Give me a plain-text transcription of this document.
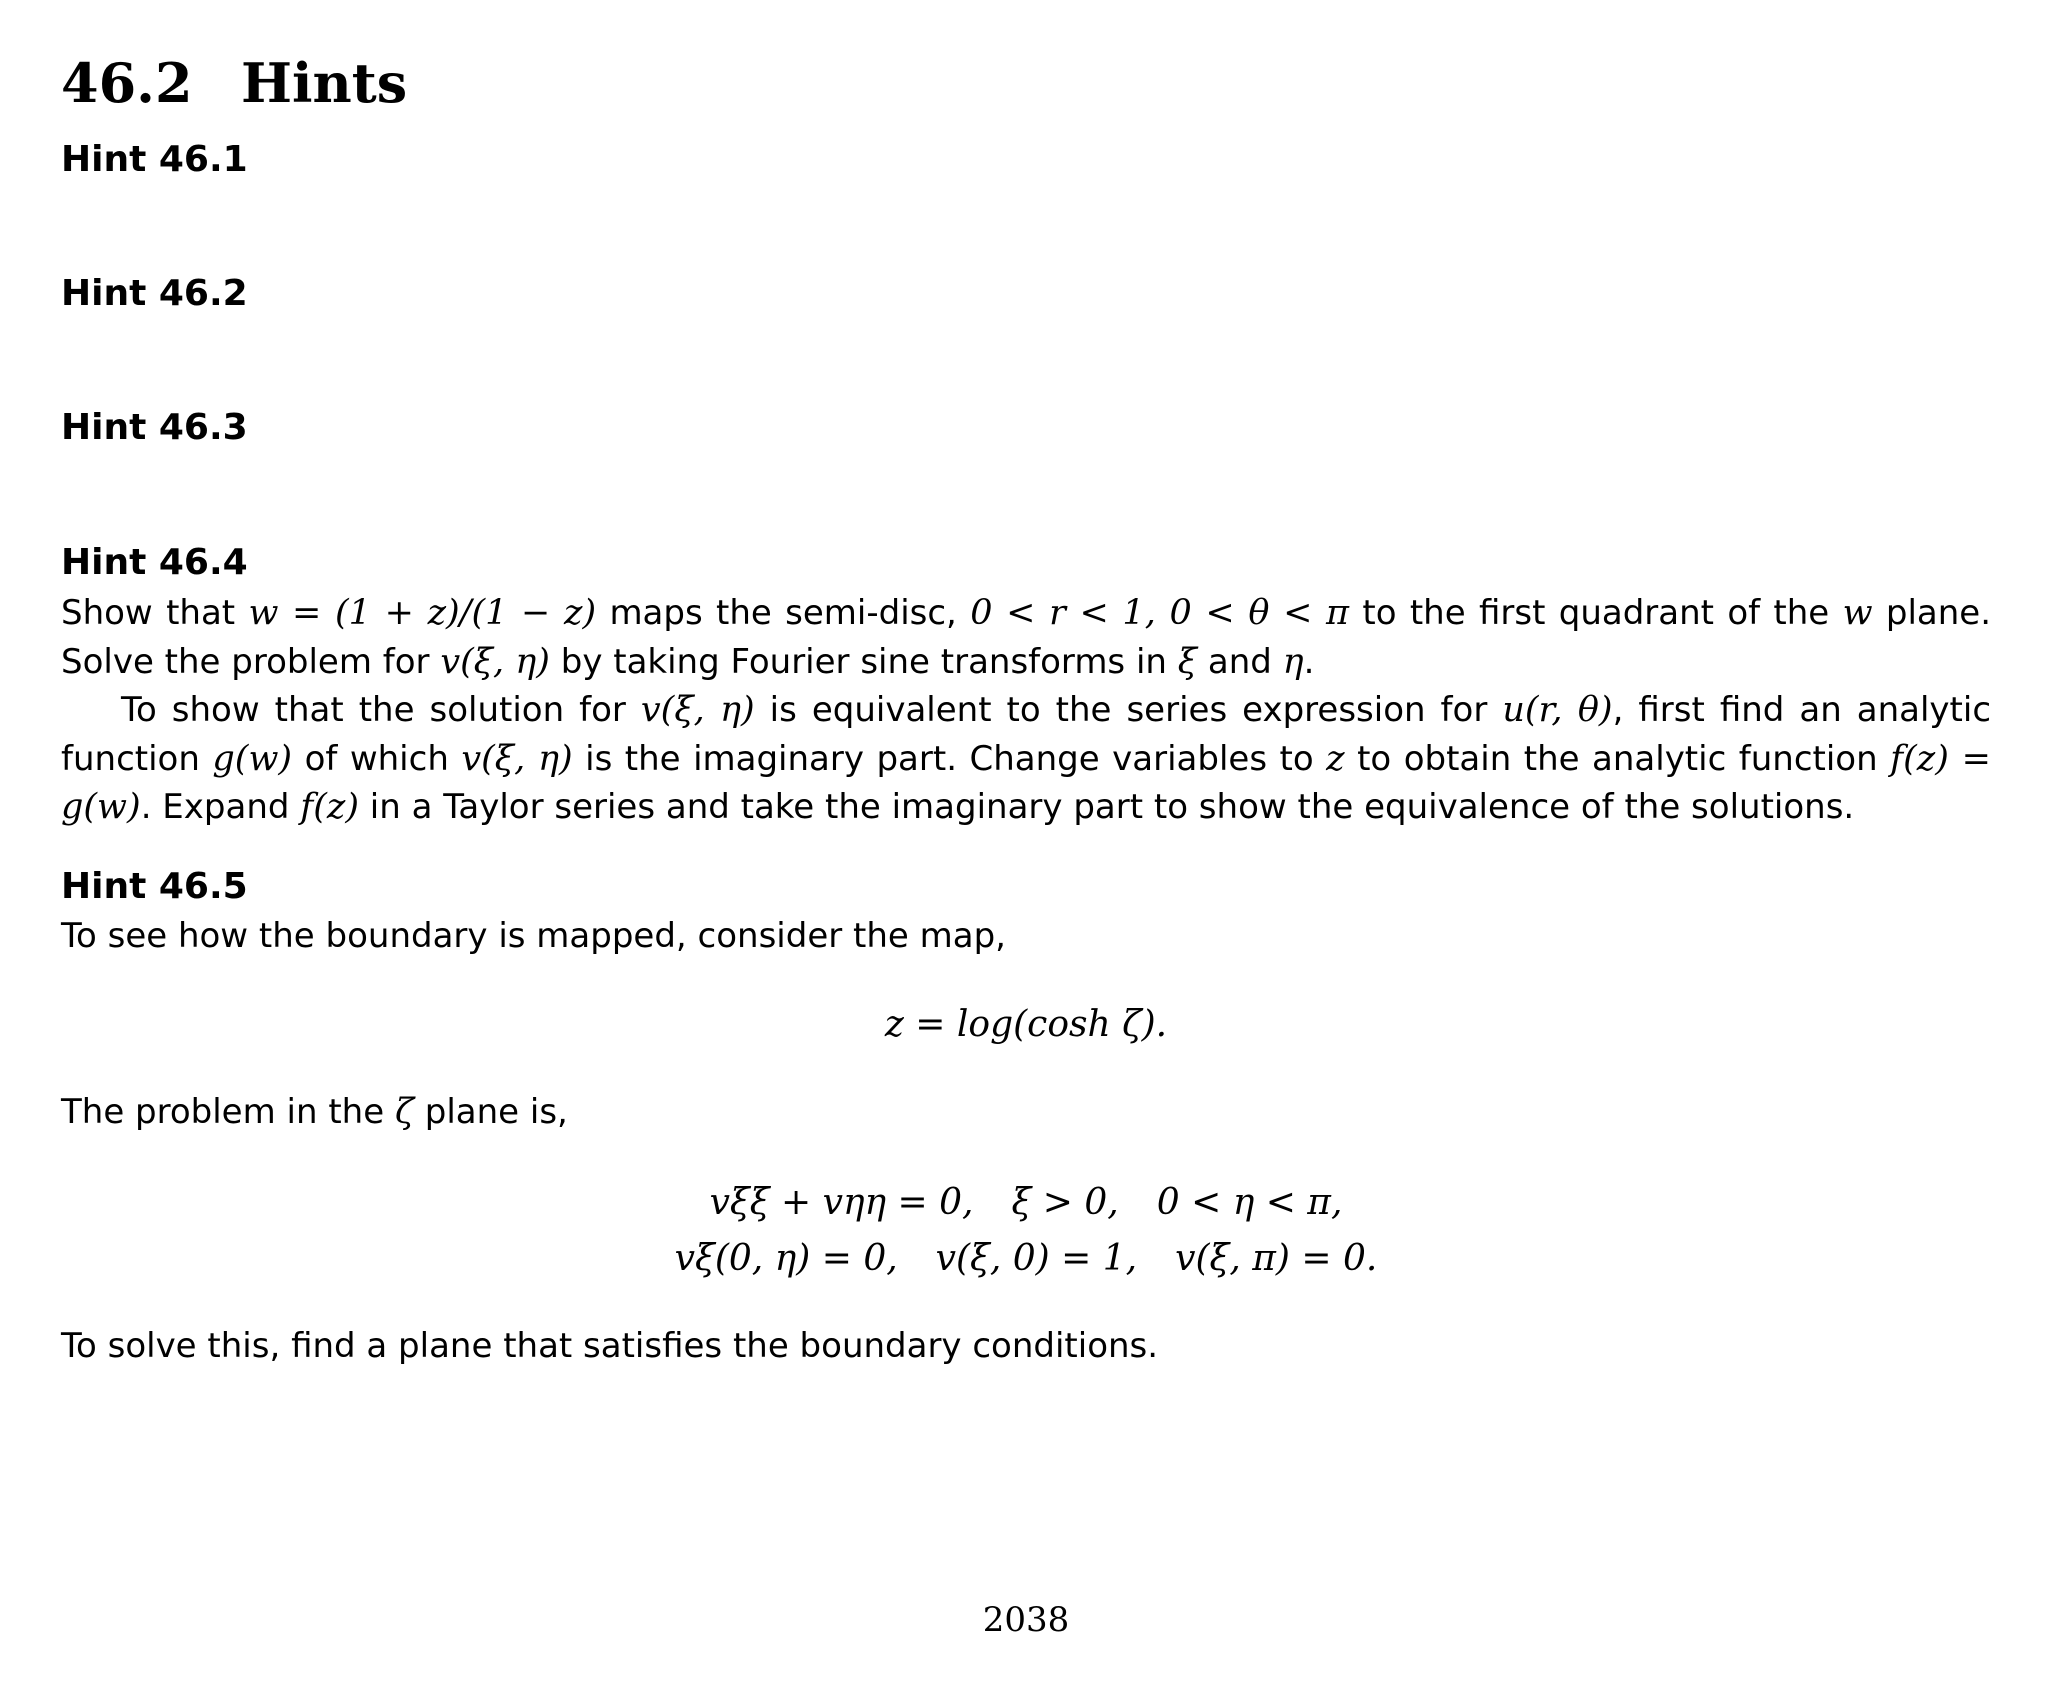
46.2 Hints
Hint 46.1
Hint 46.2
Hint 46.3
Hint 46.4

Show that w = (1 + z)/(1 − z) maps the semi-disc, 0 < r < 1, 0 < θ < π to the first quadrant of the w plane. Solve the problem for v(ξ, η) by taking Fourier sine transforms in ξ and η.

To show that the solution for v(ξ, η) is equivalent to the series expression for u(r, θ), first find an analytic function g(w) of which v(ξ, η) is the imaginary part. Change variables to z to obtain the analytic function f(z) = g(w). Expand f(z) in a Taylor series and take the imaginary part to show the equivalence of the solutions.

Hint 46.5

To see how the boundary is mapped, consider the map,

z = log(cosh ζ).

The problem in the ζ plane is,

vξξ + vηη = 0, ξ > 0, 0 < η < π,
vξ(0, η) = 0, v(ξ, 0) = 1, v(ξ, π) = 0.

To solve this, find a plane that satisfies the boundary conditions.

2038
